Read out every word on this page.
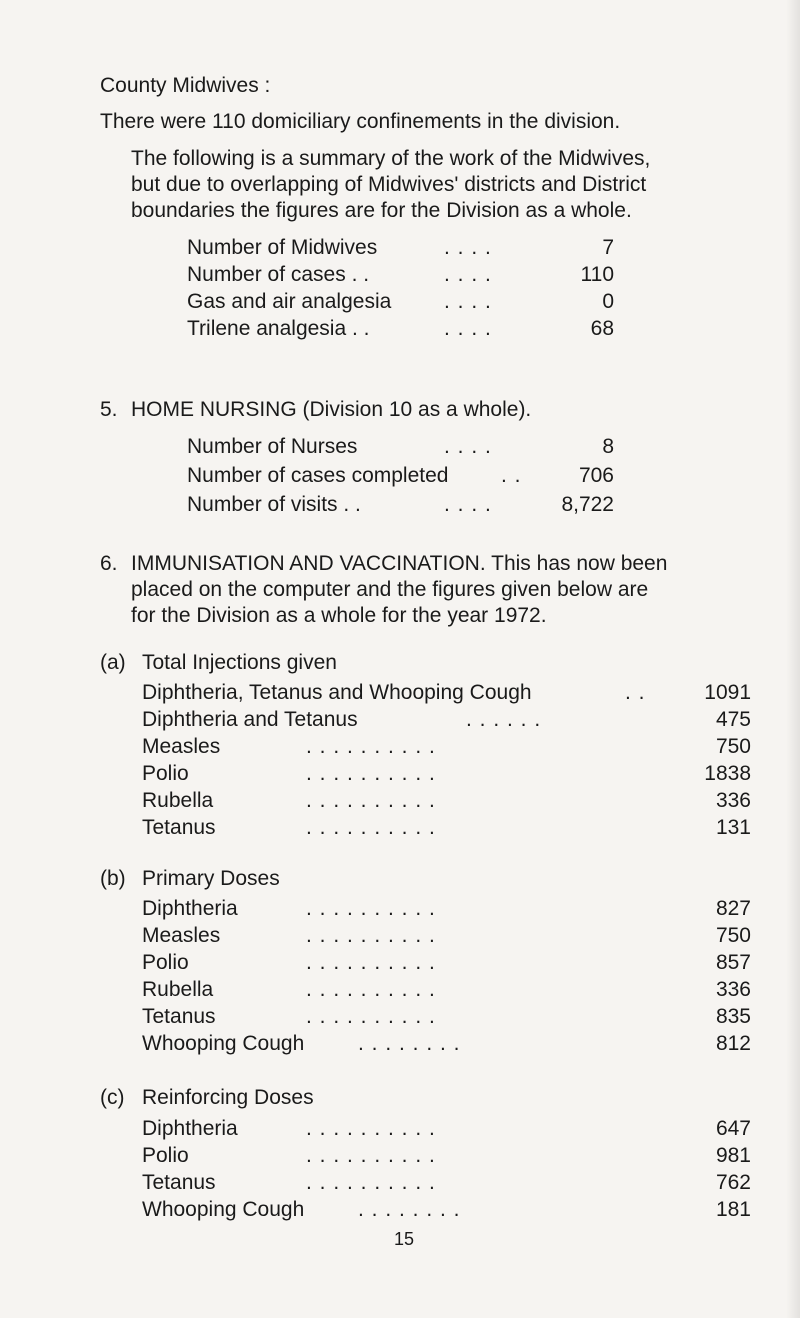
County Midwives :
There were 110 domiciliary confinements in the division.
The following is a summary of the work of the Midwives,
but due to overlapping of Midwives' districts and District
boundaries the figures are for the Division as a whole.
Number of Midwives	. . . .	7
Number of cases . .	. . . .	110
Gas and air analgesia	. . . .	0
Trilene analgesia . .	. . . .	68
5. HOME NURSING (Division 10 as a whole).
Number of Nurses	. . . .	8
Number of cases completed	. .	706
Number of visits . .	. . . .	8,722
6. IMMUNISATION AND VACCINATION. This has now been
placed on the computer and the figures given below are
for the Division as a whole for the year 1972.
(a) Total Injections given
Diphtheria, Tetanus and Whooping Cough	. .	1091
Diphtheria and Tetanus	. . . . . .	475
Measles	. . . . . . . . . .	750
Polio	. . . . . . . . . .	1838
Rubella	. . . . . . . . . .	336
Tetanus	. . . . . . . . . .	131
(b) Primary Doses
Diphtheria	. . . . . . . . . .	827
Measles	. . . . . . . . . .	750
Polio	. . . . . . . . . .	857
Rubella	. . . . . . . . . .	336
Tetanus	. . . . . . . . . .	835
Whooping Cough	. . . . . . . .	812
(c) Reinforcing Doses
Diphtheria	. . . . . . . . . .	647
Polio	. . . . . . . . . .	981
Tetanus	. . . . . . . . . .	762
Whooping Cough	. . . . . . . .	181
15
